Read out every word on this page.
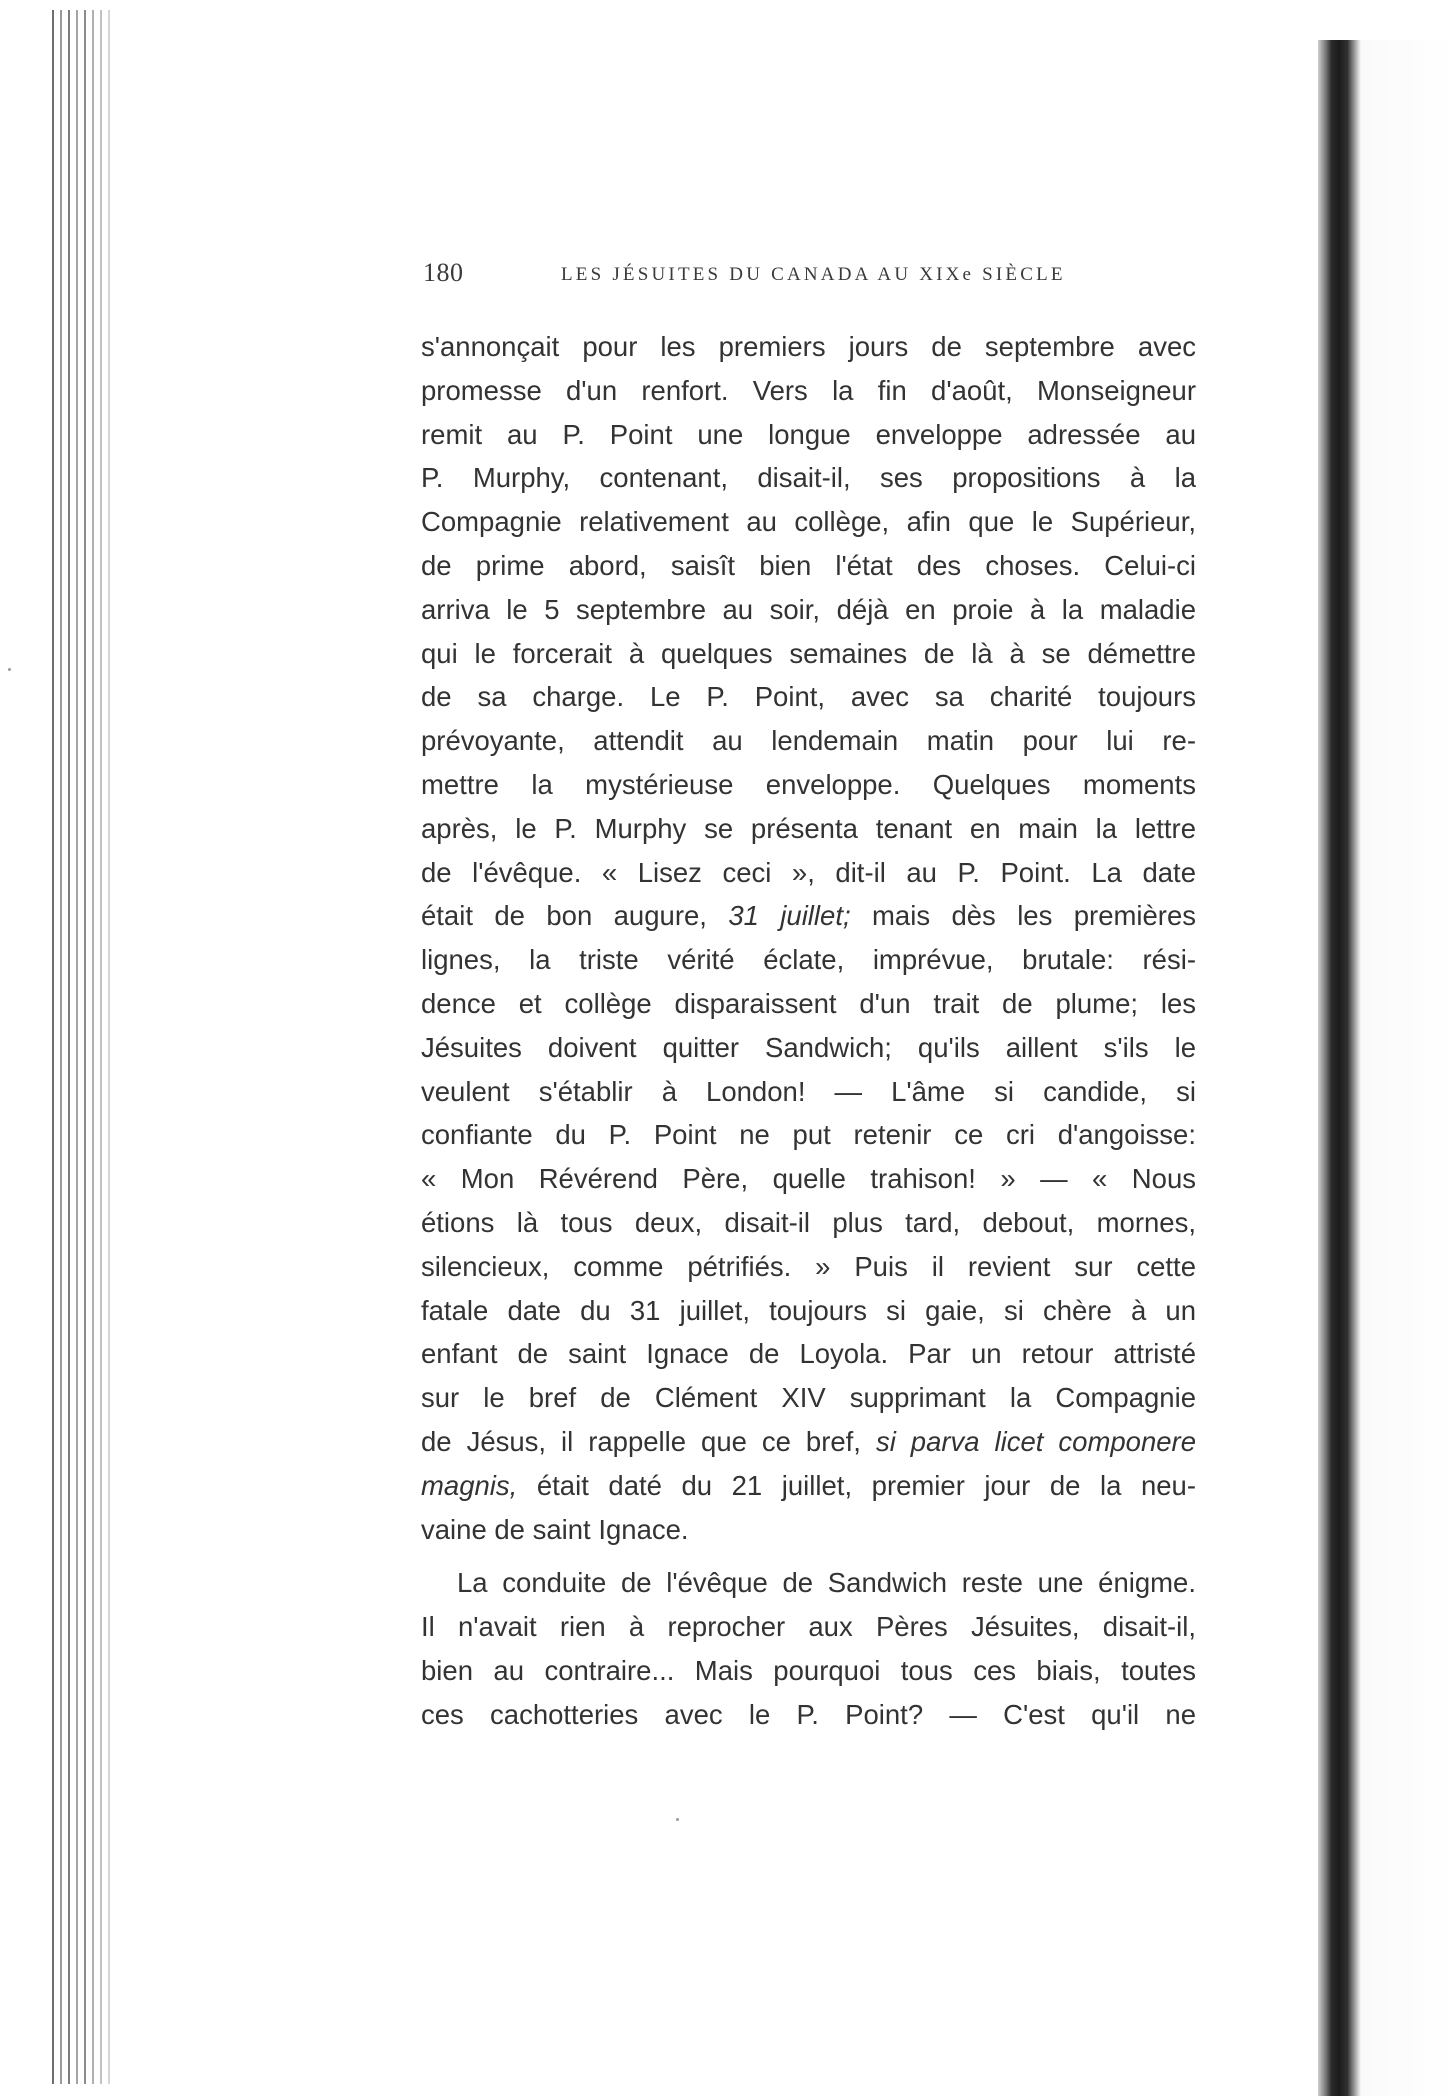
180	LES JÉSUITES DU CANADA AU XIXe SIÈCLE
s'annonçait pour les premiers jours de septembre avec
promesse d'un renfort. Vers la fin d'août, Monseigneur
remit au P. Point une longue enveloppe adressée au
P. Murphy, contenant, disait-il, ses propositions à la
Compagnie relativement au collège, afin que le Supérieur,
de prime abord, saisît bien l'état des choses. Celui-ci
arriva le 5 septembre au soir, déjà en proie à la maladie
qui le forcerait à quelques semaines de là à se démettre
de sa charge. Le P. Point, avec sa charité toujours
prévoyante, attendit au lendemain matin pour lui re-
mettre la mystérieuse enveloppe. Quelques moments
après, le P. Murphy se présenta tenant en main la lettre
de l'évêque. « Lisez ceci », dit-il au P. Point. La date
était de bon augure, 31 juillet; mais dès les premières
lignes, la triste vérité éclate, imprévue, brutale: rési-
dence et collège disparaissent d'un trait de plume; les
Jésuites doivent quitter Sandwich; qu'ils aillent s'ils le
veulent s'établir à London! — L'âme si candide, si
confiante du P. Point ne put retenir ce cri d'angoisse:
« Mon Révérend Père, quelle trahison! » — « Nous
étions là tous deux, disait-il plus tard, debout, mornes,
silencieux, comme pétrifiés. » Puis il revient sur cette
fatale date du 31 juillet, toujours si gaie, si chère à un
enfant de saint Ignace de Loyola. Par un retour attristé
sur le bref de Clément XIV supprimant la Compagnie
de Jésus, il rappelle que ce bref, si parva licet componere
magnis, était daté du 21 juillet, premier jour de la neu-
vaine de saint Ignace.
La conduite de l'évêque de Sandwich reste une énigme.
Il n'avait rien à reprocher aux Pères Jésuites, disait-il,
bien au contraire... Mais pourquoi tous ces biais, toutes
ces cachotteries avec le P. Point? — C'est qu'il ne
